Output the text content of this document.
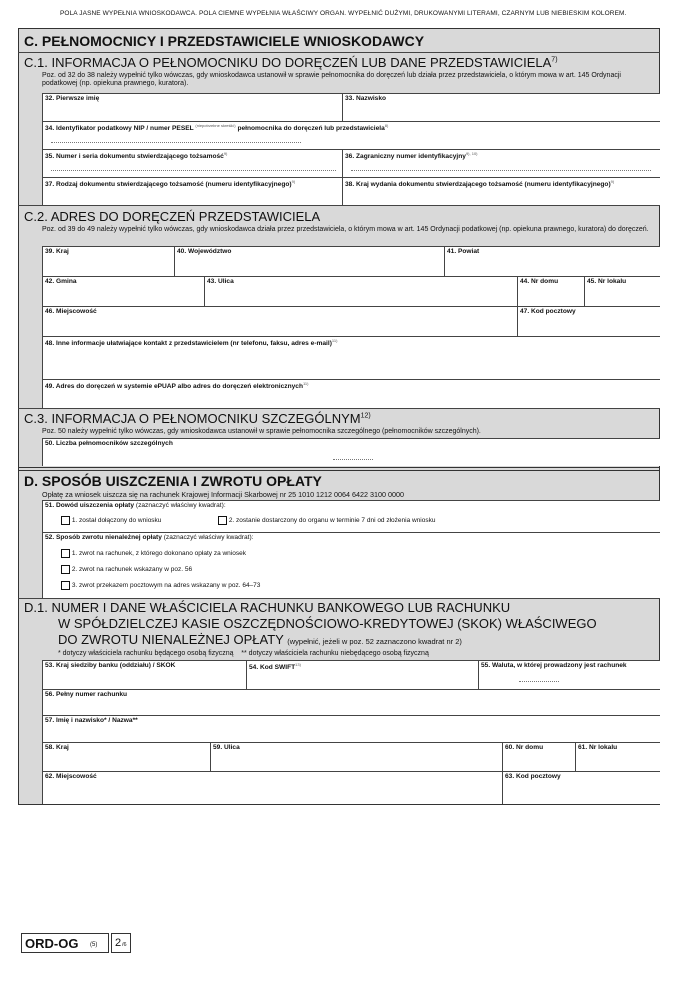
POLA JASNE WYPEŁNIA WNIOSKODAWCA. POLA CIEMNE WYPEŁNIA WŁAŚCIWY ORGAN. WYPEŁNIĆ DUŻYMI, DRUKOWANYMI LITERAMI, CZARNYM LUB NIEBIESKIM KOLOREM.
C. PEŁNOMOCNICY I PRZEDSTAWICIELE WNIOSKODAWCY
C.1. INFORMACJA O PEŁNOMOCNIKU DO DORĘCZEŃ LUB DANE PRZEDSTAWICIELA$^{7)}$
Poz. od 32 do 38 należy wypełnić tylko wówczas, gdy wnioskodawca ustanowił w sprawie pełnomocnika do doręczeń lub działa przez przedstawiciela, o którym mowa w art. 145 Ordynacji podatkowej (np. opiekuna prawnego, kuratora).
32. Pierwsze imię	33. Nazwisko
34. Identyfikator podatkowy NIP / numer PESEL $^{(niepotrzebne skreślić)}$ pełnomocnika do doręczeń lub przedstawiciela$^{8)}$
35. Numer i seria dokumentu stwierdzającego tożsamość$^{9)}$	36. Zagraniczny numer identyfikacyjny$^{9), 10)}$
37. Rodzaj dokumentu stwierdzającego tożsamość (numeru identyfikacyjnego)$^{9)}$	38. Kraj wydania dokumentu stwierdzającego tożsamość (numeru identyfikacyjnego)$^{9)}$
C.2. ADRES DO DORĘCZEŃ PRZEDSTAWICIELA
Poz. od 39 do 49 należy wypełnić tylko wówczas, gdy wnioskodawca działa przez przedstawiciela, o którym mowa w art. 145 Ordynacji podatkowej (np. opiekuna prawnego, kuratora) do doręczeń.
39. Kraj	40. Województwo	41. Powiat
42. Gmina	43. Ulica	44. Nr domu	45. Nr lokalu
46. Miejscowość	47. Kod pocztowy
48. Inne informacje ułatwiające kontakt z przedstawicielem (nr telefonu, faksu, adres e-mail)$^{11)}$
49. Adres do doręczeń w systemie ePUAP albo adres do doręczeń elektronicznych$^{11)}$
C.3. INFORMACJA O PEŁNOMOCNIKU SZCZEGÓLNYM$^{12)}$
Poz. 50 należy wypełnić tylko wówczas, gdy wnioskodawca ustanowił w sprawie pełnomocnika szczególnego (pełnomocników szczególnych).
50. Liczba pełnomocników szczególnych
D. SPOSÓB UISZCZENIA I ZWROTU OPŁATY
Opłatę za wniosek uiszcza się na rachunek Krajowej Informacji Skarbowej nr 25 1010 1212 0064 6422 3100 0000
51. Dowód uiszczenia opłaty (zaznaczyć właściwy kwadrat):
1. został dołączony do wniosku	2. zostanie dostarczony do organu w terminie 7 dni od złożenia wniosku
52. Sposób zwrotu nienależnej opłaty (zaznaczyć właściwy kwadrat):
1. zwrot na rachunek, z którego dokonano opłaty za wniosek
2. zwrot na rachunek wskazany w poz. 56
3. zwrot przekazem pocztowym na adres wskazany w poz. 64–73
D.1. NUMER I DANE WŁAŚCICIELA RACHUNKU BANKOWEGO LUB RACHUNKU
W SPÓŁDZIELCZEJ KASIE OSZCZĘDNOŚCIOWO-KREDYTOWEJ (SKOK) WŁAŚCIWEGO
DO ZWROTU NIENALEŻNEJ OPŁATY (wypełnić, jeżeli w poz. 52 zaznaczono kwadrat nr 2)
* dotyczy właściciela rachunku będącego osobą fizyczną ** dotyczy właściciela rachunku niebędącego osobą fizyczną
53. Kraj siedziby banku (oddziału) / SKOK	54. Kod SWIFT$^{13)}$	55. Waluta, w której prowadzony jest rachunek
56. Pełny numer rachunku
57. Imię i nazwisko* / Nazwa**
58. Kraj	59. Ulica	60. Nr domu	61. Nr lokalu
62. Miejscowość	63. Kod pocztowy
ORD-OG (5) 2 /6
